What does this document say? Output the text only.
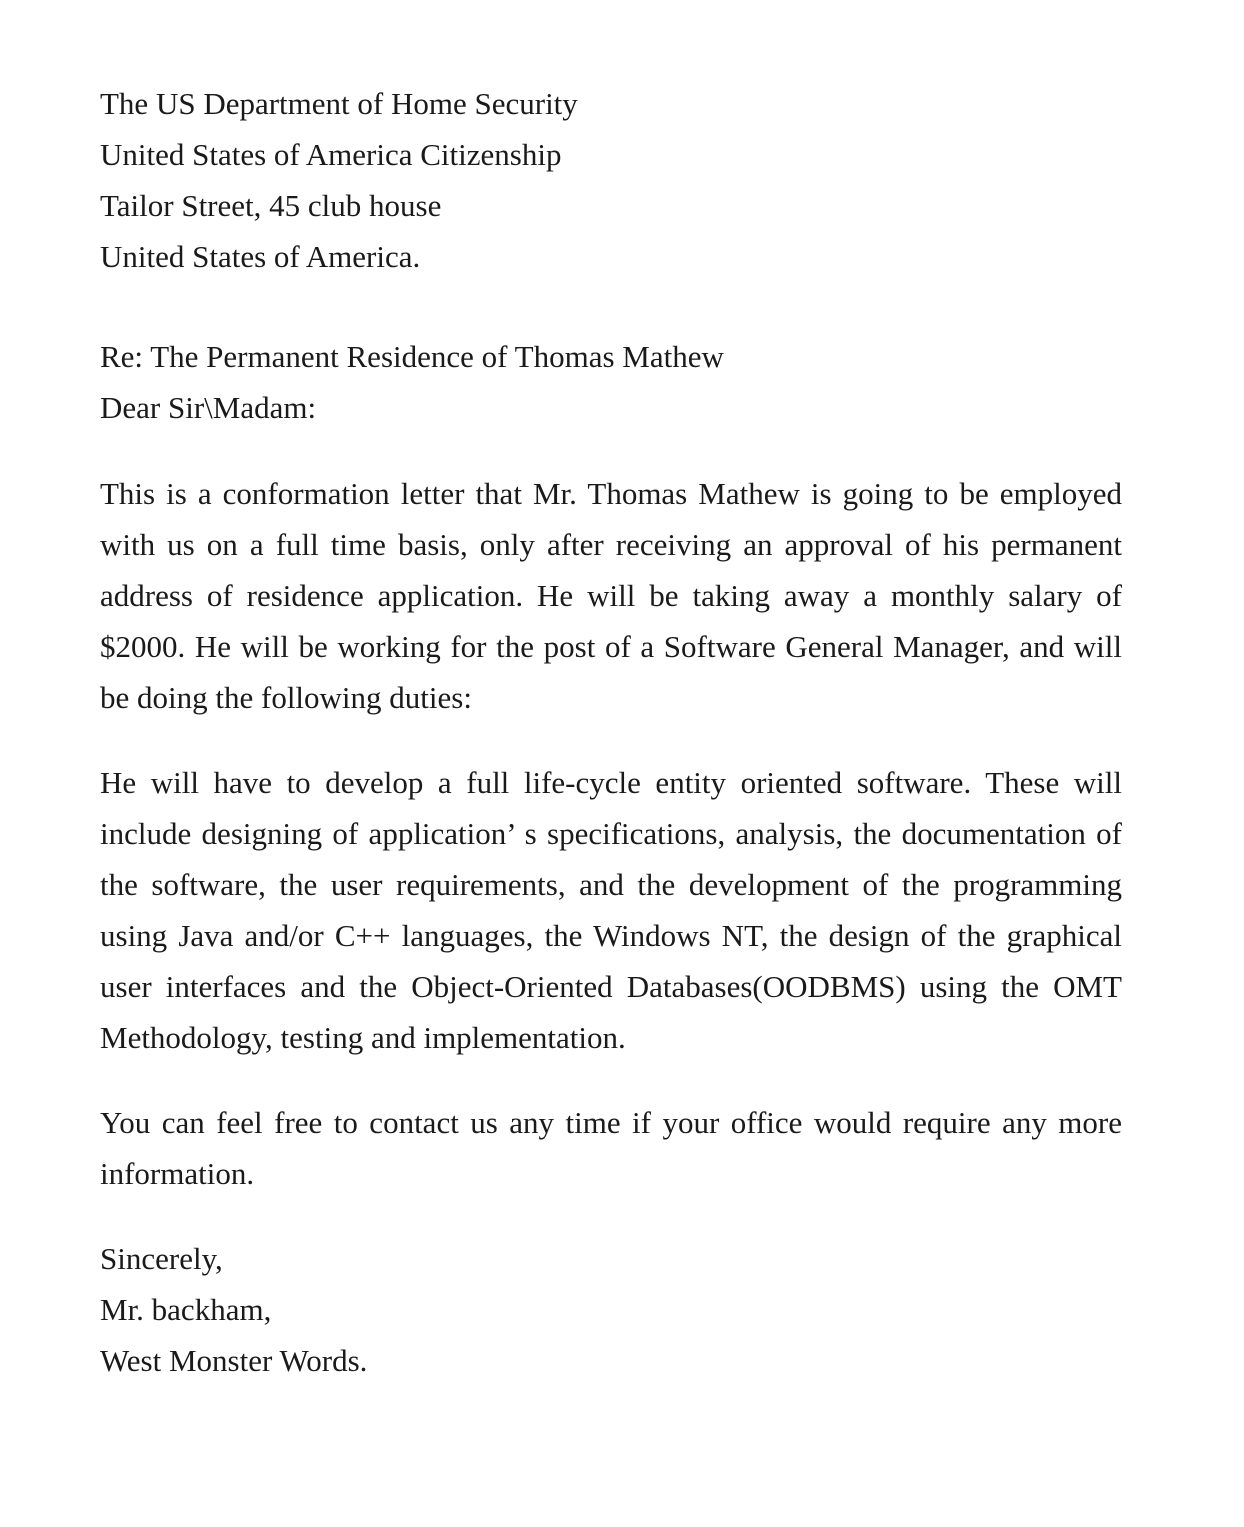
The US Department of Home Security
United States of America Citizenship
Tailor Street, 45 club house
United States of America.
Re: The Permanent Residence of Thomas Mathew
Dear Sir\Madam:

This is a conformation letter that Mr. Thomas Mathew is going to be employed with us on a full time basis, only after receiving an approval of his permanent address of residence application. He will be taking away a monthly salary of $2000. He will be working for the post of a Software General Manager, and will be doing the following duties:

He will have to develop a full life-cycle entity oriented software. These will include designing of application’ s specifications, analysis, the documentation of the software, the user requirements, and the development of the programming using Java and/or C++ languages, the Windows NT, the design of the graphical user interfaces and the Object-Oriented Databases(OODBMS) using the OMT Methodology, testing and implementation.

You can feel free to contact us any time if your office would require any more information.

Sincerely,
Mr. backham,
West Monster Words.
